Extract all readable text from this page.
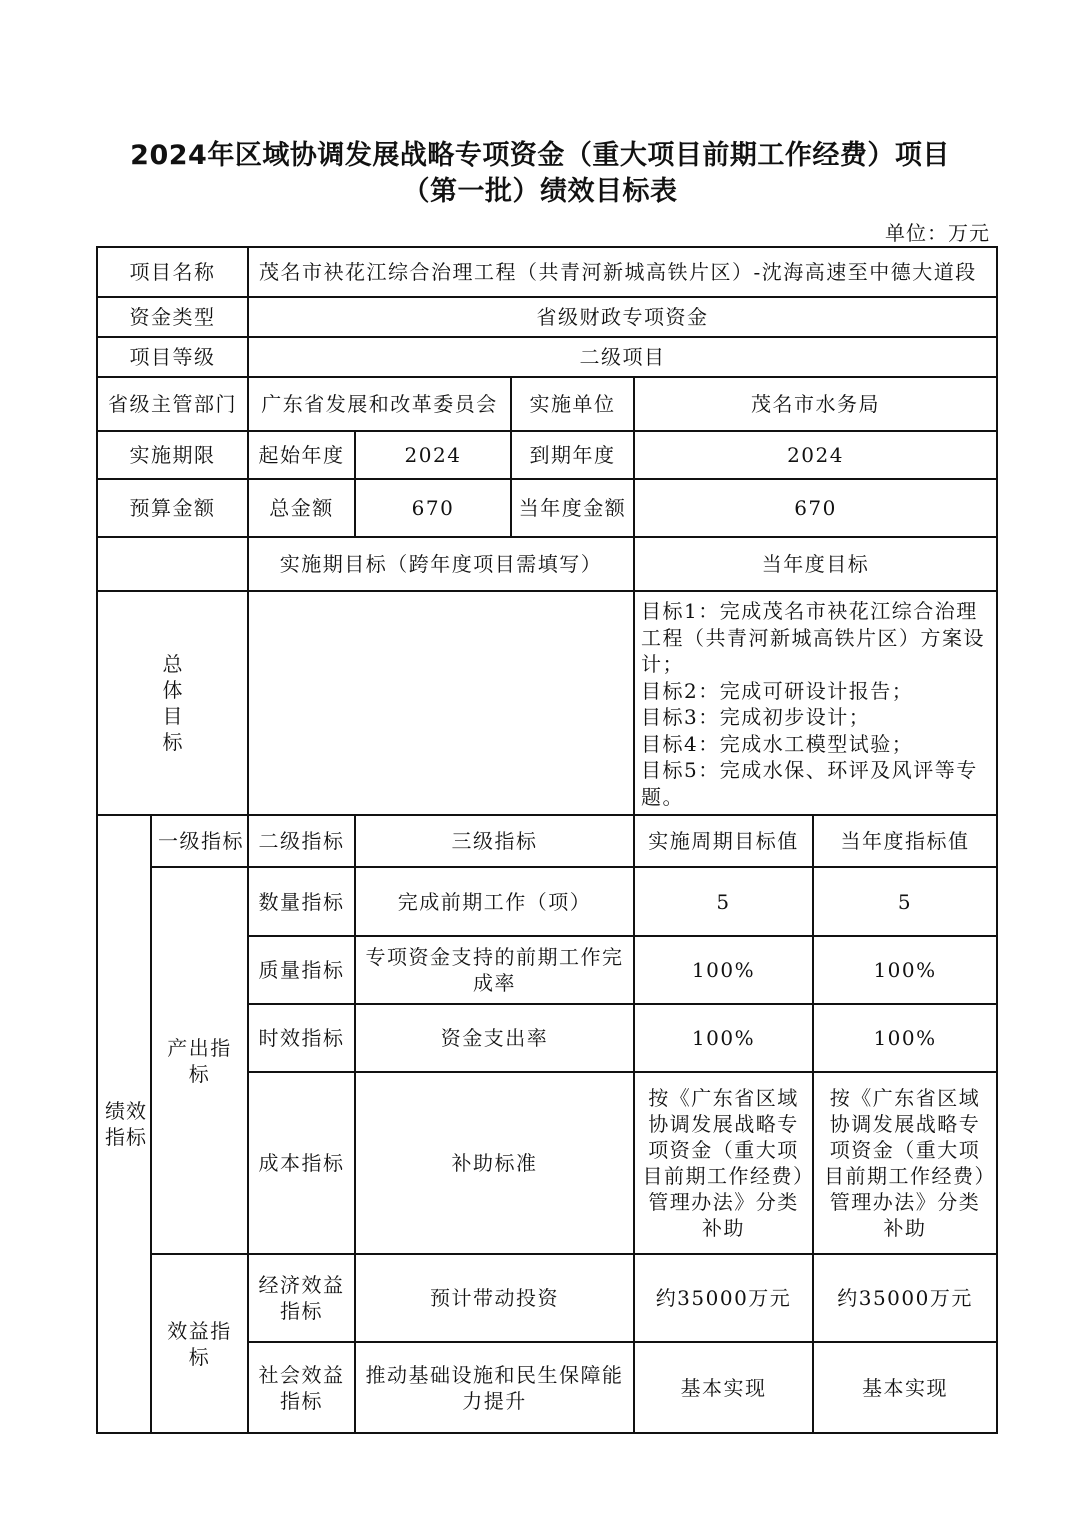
2024年区域协调发展战略专项资金（重大项目前期工作经费）项目
（第一批）绩效目标表
单位：万元
项目名称		茂名市袂花江综合治理工程（共青河新城高铁片区）-沈海高速至中德大道段				
资金类型		省级财政专项资金				
项目等级		二级项目				
省级主管部门		广东省发展和改革委员会		实施单位	茂名市水务局	
实施期限		起始年度	2024	到期年度	2024	
预算金额		总金额	670	当年度金额	670	
		实施期目标（跨年度项目需填写）			当年度目标	
总体目标					目标1：完成茂名市袂花江综合治理工程（共青河新城高铁片区）方案设计；
目标2：完成可研设计报告；
目标3：完成初步设计；
目标4：完成水工模型试验；
目标5：完成水保、环评及风评等专题。	

绩效指标	一级指标	二级指标	三级指标		实施周期目标值	当年度指标值
	产出指标	数量指标	完成前期工作（项）		5	5
		质量指标	专项资金支持的前期工作完成率		100%	100%
		时效指标	资金支出率		100%	100%
		成本指标	补助标准		按《广东省区域协调发展战略专项资金（重大项目前期工作经费）管理办法》分类补助	按《广东省区域协调发展战略专项资金（重大项目前期工作经费）管理办法》分类补助
	效益指标	经济效益指标	预计带动投资		约35000万元	约35000万元
		社会效益指标	推动基础设施和民生保障能力提升		基本实现	基本实现
